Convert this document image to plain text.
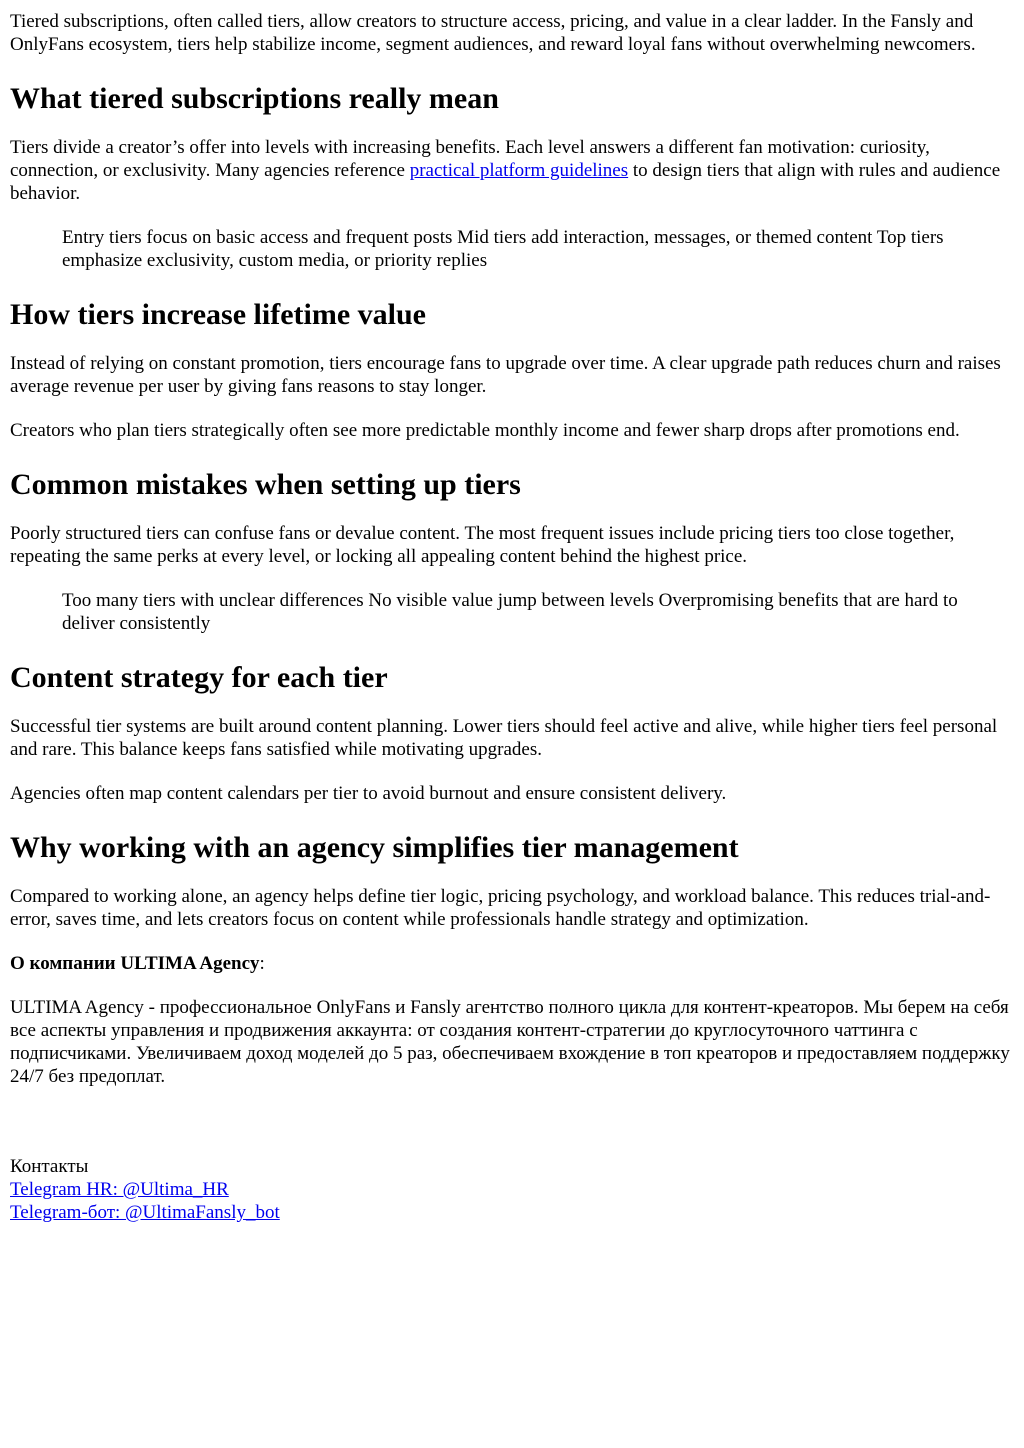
Tiered subscriptions, often called tiers, allow creators to structure access, pricing, and value in a clear ladder. In the Fansly and OnlyFans ecosystem, tiers help stabilize income, segment audiences, and reward loyal fans without overwhelming newcomers.

What tiered subscriptions really mean

Tiers divide a creator’s offer into levels with increasing benefits. Each level answers a different fan motivation: curiosity, connection, or exclusivity. Many agencies reference practical platform guidelines to design tiers that align with rules and audience behavior.

Entry tiers focus on basic access and frequent posts Mid tiers add interaction, messages, or themed content Top tiers emphasize exclusivity, custom media, or priority replies
How tiers increase lifetime value

Instead of relying on constant promotion, tiers encourage fans to upgrade over time. A clear upgrade path reduces churn and raises average revenue per user by giving fans reasons to stay longer.

Creators who plan tiers strategically often see more predictable monthly income and fewer sharp drops after promotions end.

Common mistakes when setting up tiers

Poorly structured tiers can confuse fans or devalue content. The most frequent issues include pricing tiers too close together, repeating the same perks at every level, or locking all appealing content behind the highest price.

Too many tiers with unclear differences No visible value jump between levels Overpromising benefits that are hard to deliver consistently
Content strategy for each tier

Successful tier systems are built around content planning. Lower tiers should feel active and alive, while higher tiers feel personal and rare. This balance keeps fans satisfied while motivating upgrades.

Agencies often map content calendars per tier to avoid burnout and ensure consistent delivery.

Why working with an agency simplifies tier management

Compared to working alone, an agency helps define tier logic, pricing psychology, and workload balance. This reduces trial-and-error, saves time, and lets creators focus on content while professionals handle strategy and optimization.

О компании ULTIMA Agency:

ULTIMA Agency - профессиональное OnlyFans и Fansly агентство полного цикла для контент-креаторов. Мы берем на себя все аспекты управления и продвижения аккаунта: от создания контент-стратегии до круглосуточного чаттинга с подписчиками. Увеличиваем доход моделей до 5 раз, обеспечиваем вхождение в топ креаторов и предоставляем поддержку 24/7 без предоплат.

Контакты
Telegram HR: @Ultima_HR
Telegram-бот: @UltimaFansly_bot
